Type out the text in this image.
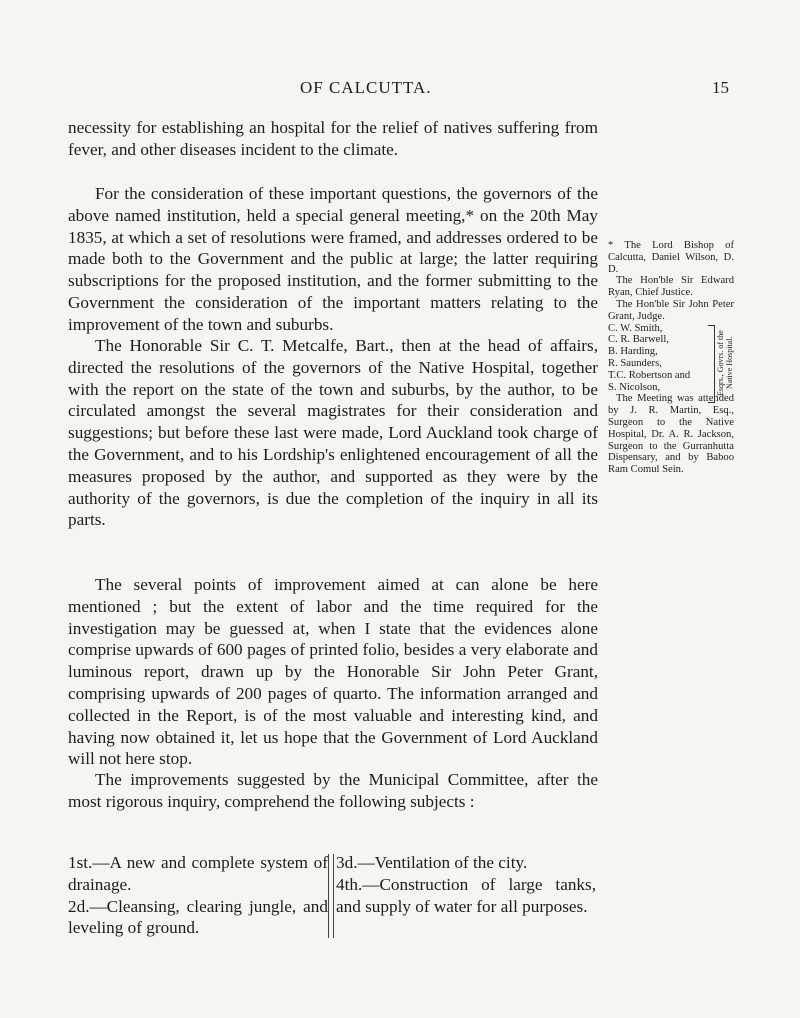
OF CALCUTTA.	15

necessity for establishing an hospital for the relief of natives suffering from fever, and other diseases incident to the climate.

For the consideration of these important questions, the governors of the above named institution, held a special general meeting,* on the 20th May 1835, at which a set of resolutions were framed, and addresses ordered to be made both to the Government and the public at large; the latter requiring subscriptions for the proposed institution, and the former submitting to the Government the consideration of the important matters relating to the improvement of the town and suburbs.

The Honorable Sir C. T. Metcalfe, Bart., then at the head of affairs, directed the resolutions of the governors of the Native Hospital, together with the report on the state of the town and suburbs, by the author, to be circulated amongst the several magistrates for their consideration and suggestions; but before these last were made, Lord Auckland took charge of the Government, and to his Lordship's enlightened encouragement of all the measures proposed by the author, and supported as they were by the authority of the governors, is due the completion of the inquiry in all its parts.

The several points of improvement aimed at can alone be here mentioned ; but the extent of labor and the time required for the investigation may be guessed at, when I state that the evidences alone comprise upwards of 600 pages of printed folio, besides a very elaborate and luminous report, drawn up by the Honorable Sir John Peter Grant, comprising upwards of 200 pages of quarto. The information arranged and collected in the Report, is of the most valuable and interesting kind, and having now obtained it, let us hope that the Government of Lord Auckland will not here stop.

The improvements suggested by the Municipal Committee, after the most rigorous inquiry, comprehend the following subjects :

* The Lord Bishop of Calcutta, Daniel Wilson, D. D.
The Hon'ble Sir Edward Ryan, Chief Justice.
The Hon'ble Sir John Peter Grant, Judge.
C. W. Smith,
C. R. Barwell,
B. Harding,
R. Saunders,
T.C. Robertson and
S. Nicolson,	Esqrs., Govrs. of the Native Hospital.
The Meeting was attended by J. R. Martin, Esq., Surgeon to the Native Hospital, Dr. A. R. Jackson, Surgeon to the Gurranhutta Dispensary, and by Baboo Ram Comul Sein.
1st.—A new and complete system of drainage.
2d.—Cleansing, clearing jungle, and leveling of ground.
3d.—Ventilation of the city.
4th.—Construction of large tanks, and supply of water for all purposes.
